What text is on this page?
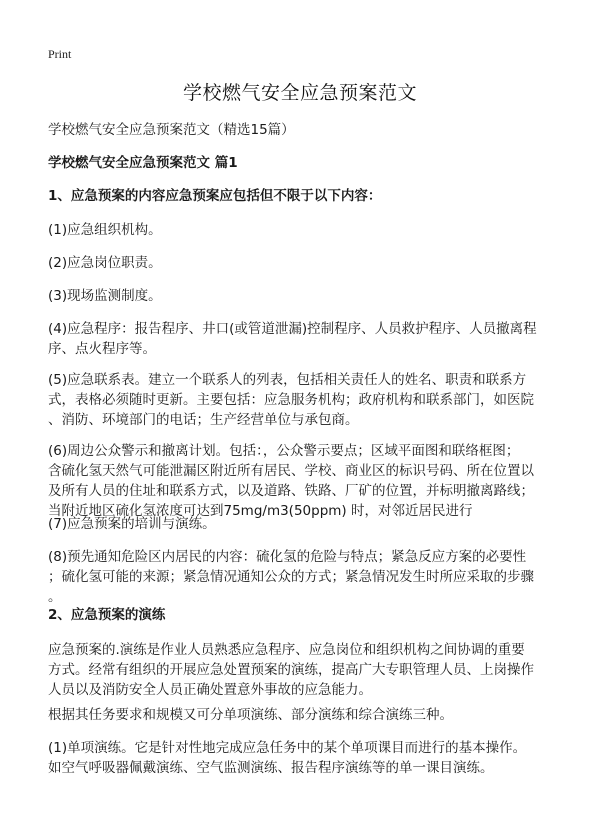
Print
学校燃气安全应急预案范文
学校燃气安全应急预案范文（精选15篇）
学校燃气安全应急预案范文 篇1
1、应急预案的内容应急预案应包括但不限于以下内容：
(1)应急组织机构。
(2)应急岗位职责。
(3)现场监测制度。
(4)应急程序：报告程序、井口(或管道泄漏)控制程序、人员救护程序、人员撤离程
序、点火程序等。
(5)应急联系表。建立一个联系人的列表，包括相关责任人的姓名、职责和联系方
式，表格必须随时更新。主要包括：应急服务机构；政府机构和联系部门，如医院
、消防、环境部门的电话；生产经营单位与承包商。
(6)周边公众警示和撤离计划。包括：，公众警示要点；区域平面图和联络框图；
含硫化氢天然气可能泄漏区附近所有居民、学校、商业区的标识号码、所在位置以
及所有人员的住址和联系方式，以及道路、铁路、厂矿的位置，并标明撤离路线；
当附近地区硫化氢浓度可达到75mg/m3(50ppm) 时，对邻近居民进行
(7)应急预案的培训与演练。
(8)预先通知危险区内居民的内容：硫化氢的危险与特点；紧急反应方案的必要性
；硫化氢可能的来源；紧急情况通知公众的方式；紧急情况发生时所应采取的步骤
。
2、应急预案的演练
应急预案的.演练是作业人员熟悉应急程序、应急岗位和组织机构之间协调的重要
方式。经常有组织的开展应急处置预案的演练，提高广大专职管理人员、上岗操作
人员以及消防安全人员正确处置意外事故的应急能力。
根据其任务要求和规模又可分单项演练、部分演练和综合演练三种。
(1)单项演练。它是针对性地完成应急任务中的某个单项课目而进行的基本操作。
如空气呼吸器佩戴演练、空气监测演练、报告程序演练等的单一课目演练。
